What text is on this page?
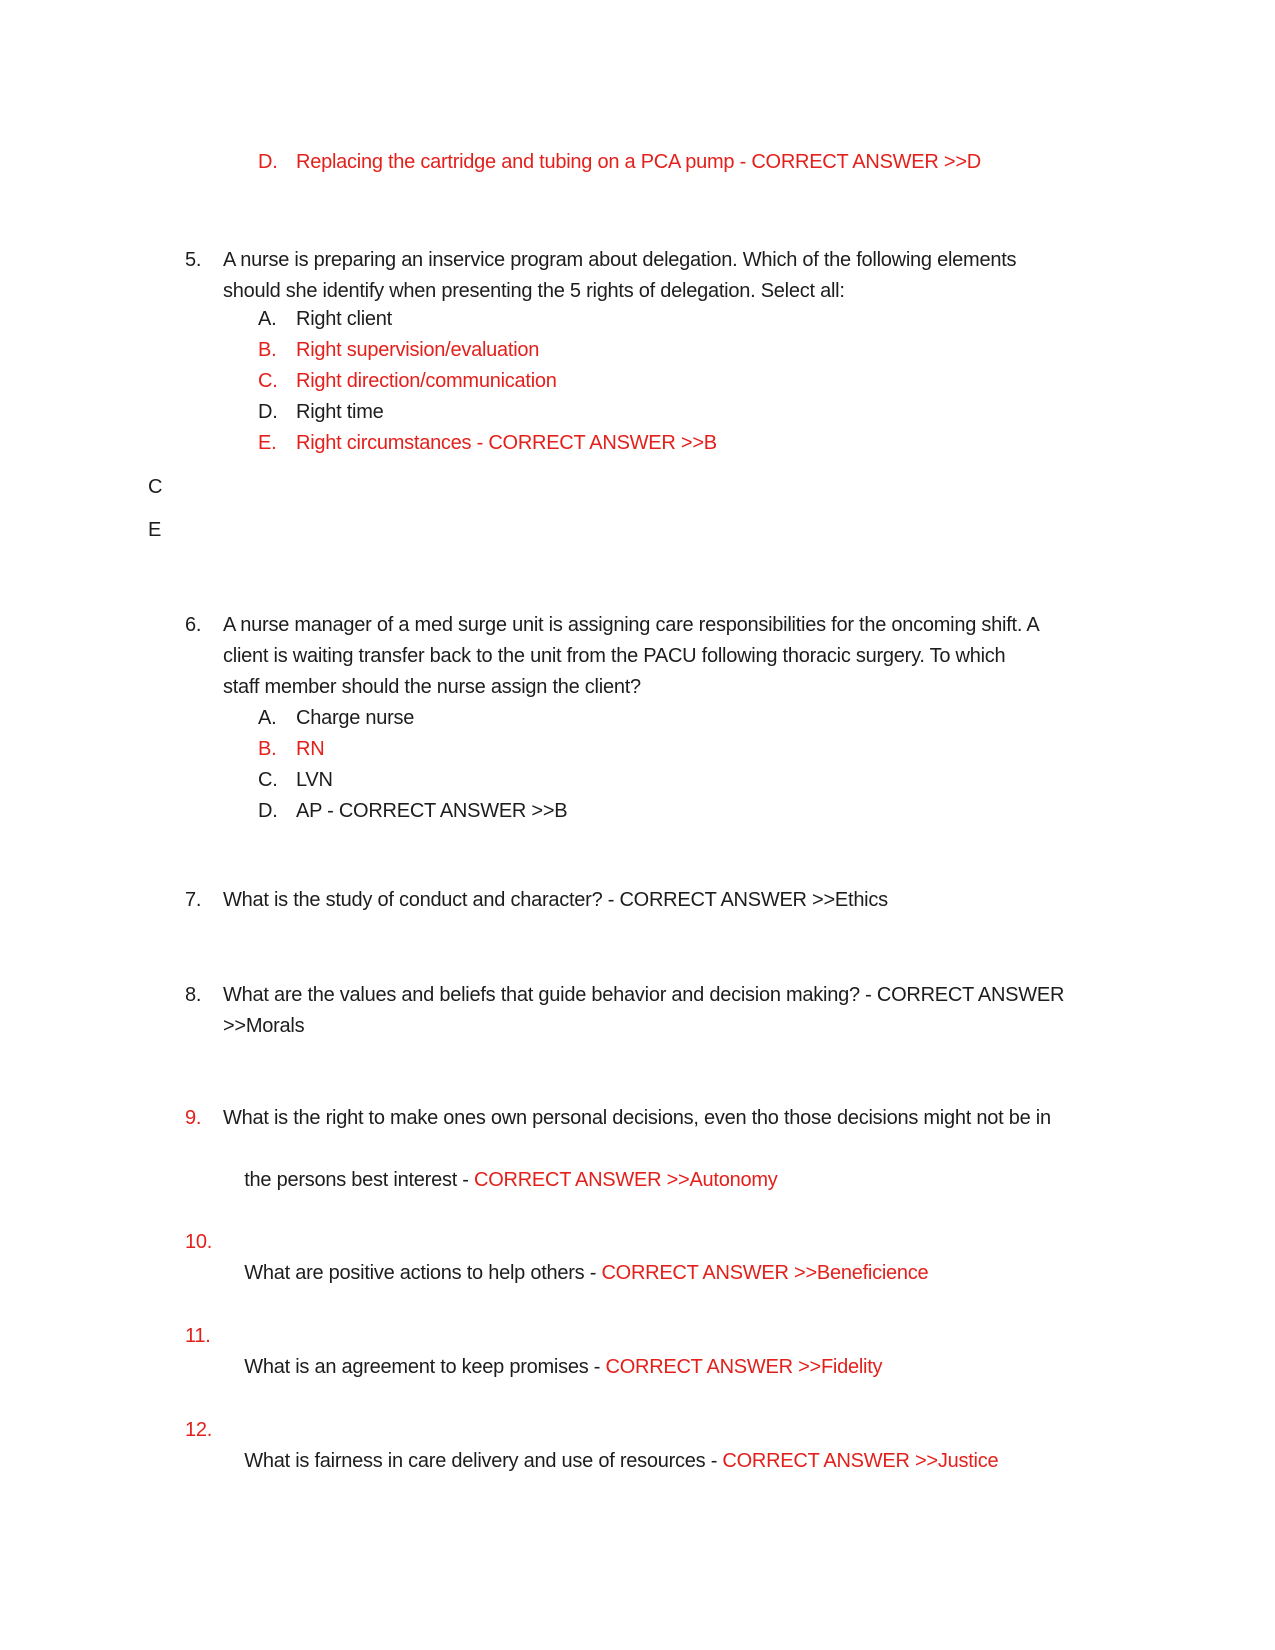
D. Replacing the cartridge and tubing on a PCA pump - CORRECT ANSWER >>D
5. A nurse is preparing an inservice program about delegation. Which of the following elements
should she identify when presenting the 5 rights of delegation. Select all:
A. Right client
B. Right supervision/evaluation
C. Right direction/communication
D. Right time
E. Right circumstances - CORRECT ANSWER >>B
C
E
6. A nurse manager of a med surge unit is assigning care responsibilities for the oncoming shift. A
client is waiting transfer back to the unit from the PACU following thoracic surgery. To which
staff member should the nurse assign the client?
A. Charge nurse
B. RN
C. LVN
D. AP - CORRECT ANSWER >>B
7. What is the study of conduct and character? - CORRECT ANSWER >>Ethics
8. What are the values and beliefs that guide behavior and decision making? - CORRECT ANSWER
>>Morals
9. What is the right to make ones own personal decisions, even tho those decisions might not be in

the persons best interest - CORRECT ANSWER >>Autonomy

10.

What are positive actions to help others - CORRECT ANSWER >>Beneficience

11.

What is an agreement to keep promises - CORRECT ANSWER >>Fidelity

12.

What is fairness in care delivery and use of resources - CORRECT ANSWER >>Justice
